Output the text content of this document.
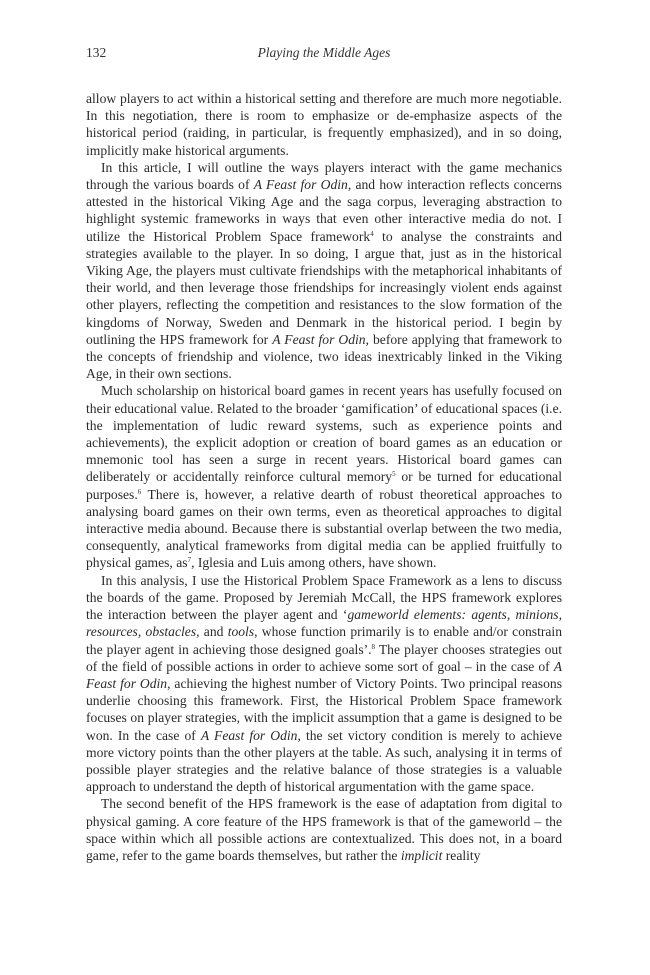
132	Playing the Middle Ages

allow players to act within a historical setting and therefore are much more negotiable. In this negotiation, there is room to emphasize or de-emphasize aspects of the historical period (raiding, in particular, is frequently emphasized), and in so doing, implicitly make historical arguments.

In this article, I will outline the ways players interact with the game mechanics through the various boards of A Feast for Odin, and how interaction reflects concerns attested in the historical Viking Age and the saga corpus, leveraging abstraction to highlight systemic frameworks in ways that even other interactive media do not. I utilize the Historical Problem Space framework$^4$ to analyse the constraints and strategies available to the player. In so doing, I argue that, just as in the historical Viking Age, the players must cultivate friendships with the metaphorical inhabitants of their world, and then leverage those friendships for increasingly violent ends against other players, reflecting the competition and resistances to the slow formation of the kingdoms of Norway, Sweden and Denmark in the historical period. I begin by outlining the HPS framework for A Feast for Odin, before applying that framework to the concepts of friendship and violence, two ideas inextricably linked in the Viking Age, in their own sections.

Much scholarship on historical board games in recent years has usefully focused on their educational value. Related to the broader ‘gamification’ of educational spaces (i.e. the implementation of ludic reward systems, such as experience points and achievements), the explicit adoption or creation of board games as an education or mnemonic tool has seen a surge in recent years. Historical board games can deliberately or accidentally reinforce cultural memory$^5$ or be turned for educational purposes.$^6$ There is, however, a relative dearth of robust theoretical approaches to analysing board games on their own terms, even as theoretical approaches to digital interactive media abound. Because there is substantial overlap between the two media, consequently, analytical frameworks from digital media can be applied fruitfully to physical games, $as^7$, Iglesia and Luis among others, have shown.

In this analysis, I use the Historical Problem Space Framework as a lens to discuss the boards of the game. Proposed by Jeremiah McCall, the HPS framework explores the interaction between the player agent and ‘gameworld elements: agents, minions, resources, obstacles, and tools, whose function primarily is to enable and/or constrain the player agent in achieving those designed goals’.$^8$ The player chooses strategies out of the field of possible actions in order to achieve some sort of goal – in the case of A Feast for Odin, achieving the highest number of Victory Points. Two principal reasons underlie choosing this framework. First, the Historical Problem Space framework focuses on player strategies, with the implicit assumption that a game is designed to be won. In the case of A Feast for Odin, the set victory condition is merely to achieve more victory points than the other players at the table. As such, analysing it in terms of possible player strategies and the relative balance of those strategies is a valuable approach to understand the depth of historical argumentation with the game space.

The second benefit of the HPS framework is the ease of adaptation from digital to physical gaming. A core feature of the HPS framework is that of the gameworld – the space within which all possible actions are contextualized. This does not, in a board game, refer to the game boards themselves, but rather the implicit reality
